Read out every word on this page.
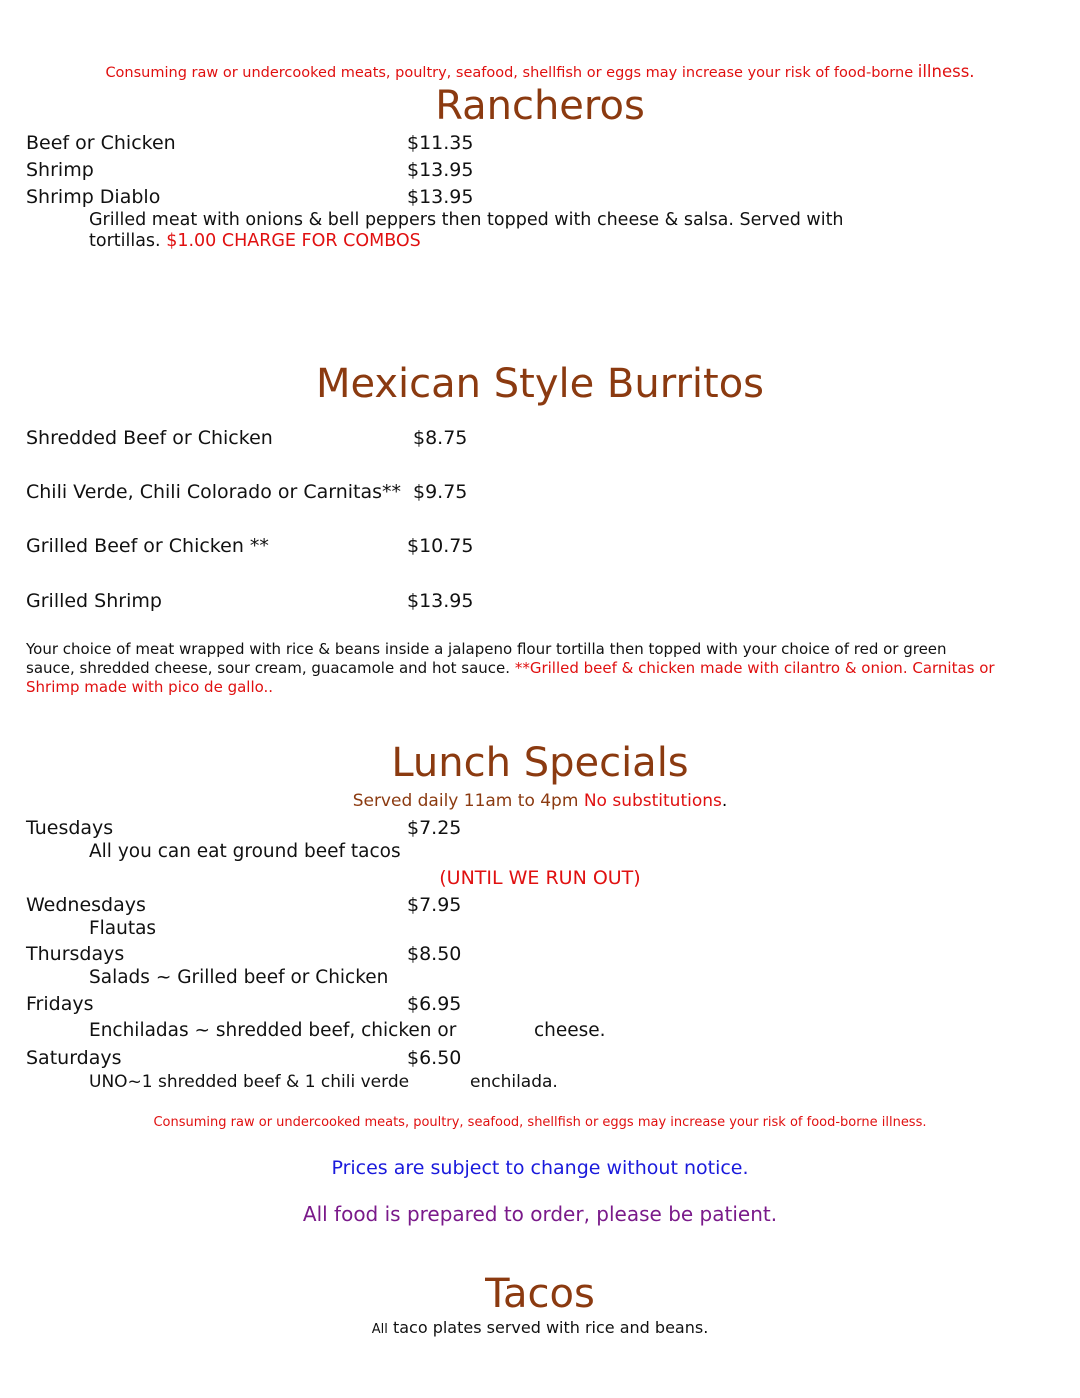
Consuming raw or undercooked meats, poultry, seafood, shellfish or eggs may increase your risk of food-borne illness.
Rancheros
Beef or Chicken	$11.35
Shrimp	$13.95
Shrimp Diablo	$13.95
Grilled meat with onions & bell peppers then topped with cheese & salsa. Served with
tortillas. $1.00 CHARGE FOR COMBOS
Mexican Style Burritos
Shredded Beef or Chicken	$8.75
Chili Verde, Chili Colorado or Carnitas** $9.75
Grilled Beef or Chicken **	$10.75
Grilled Shrimp	$13.95
Your choice of meat wrapped with rice & beans inside a jalapeno flour tortilla then topped with your choice of red or green
sauce, shredded cheese, sour cream, guacamole and hot sauce. **Grilled beef & chicken made with cilantro & onion. Carnitas or
Shrimp made with pico de gallo..
Lunch Specials
Served daily 11am to 4pm No substitutions.
Tuesdays	$7.25
All you can eat ground beef tacos
(UNTIL WE RUN OUT)
Wednesdays	$7.95
Flautas
Thursdays	$8.50
Salads ~ Grilled beef or Chicken
Fridays	$6.95
Enchiladas ~ shredded beef, chicken or	cheese.
Saturdays	$6.50
UNO~1 shredded beef & 1 chili verde	enchilada.
Consuming raw or undercooked meats, poultry, seafood, shellfish or eggs may increase your risk of food-borne illness.
Prices are subject to change without notice.
All food is prepared to order, please be patient.
Tacos
All taco plates served with rice and beans.
